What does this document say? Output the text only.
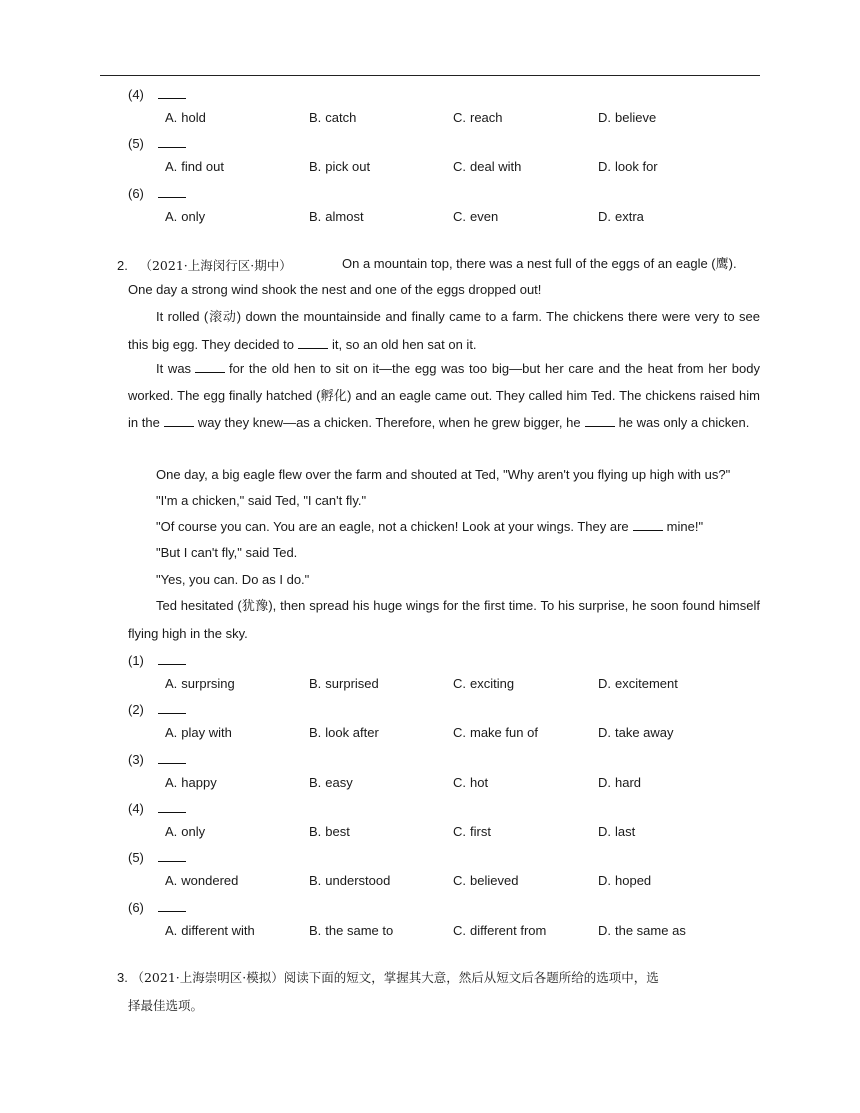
(4)
A. hold	B. catch	C. reach	D. believe
(5)
A. find out	B. pick out	C. deal with	D. look for
(6)
A. only	B. almost	C. even	D. extra
2. （2021·上海闵行区·期中）	On a mountain top, there was a nest full of the eggs of an eagle (鹰).
One day a strong wind shook the nest and one of the eggs dropped out!
It rolled (滚动) down the mountainside and finally came to a farm. The chickens there were very to see this big egg. They decided to	it, so an old hen sat on it.
It was	for the old hen to sit on it—the egg was too big—but her care and the heat from her body worked. The egg finally hatched (孵化) and an eagle came out. They called him Ted. The chickens raised him in the	way they knew—as a chicken. Therefore, when he grew bigger, he	he was only a chicken.
One day, a big eagle flew over the farm and shouted at Ted, "Why aren't you flying up high with us?"
"I'm a chicken," said Ted, "I can't fly."
"Of course you can. You are an eagle, not a chicken! Look at your wings. They are	mine!"
"But I can't fly," said Ted.
"Yes, you can. Do as I do."
Ted hesitated (犹豫), then spread his huge wings for the first time. To his surprise, he soon found himself flying high in the sky.
(1)
A. surprsing	B. surprised	C. exciting	D. excitement
(2)
A. play with	B. look after	C. make fun of	D. take away
(3)
A. happy	B. easy	C. hot	D. hard
(4)
A. only	B. best	C. first	D. last
(5)
A. wondered	B. understood	C. believed	D. hoped
(6)
A. different with	B. the same to	C. different from	D. the same as
3. （2021·上海崇明区·模拟）阅读下面的短文，掌握其大意，然后从短文后各题所给的选项中，选
择最佳选项。
